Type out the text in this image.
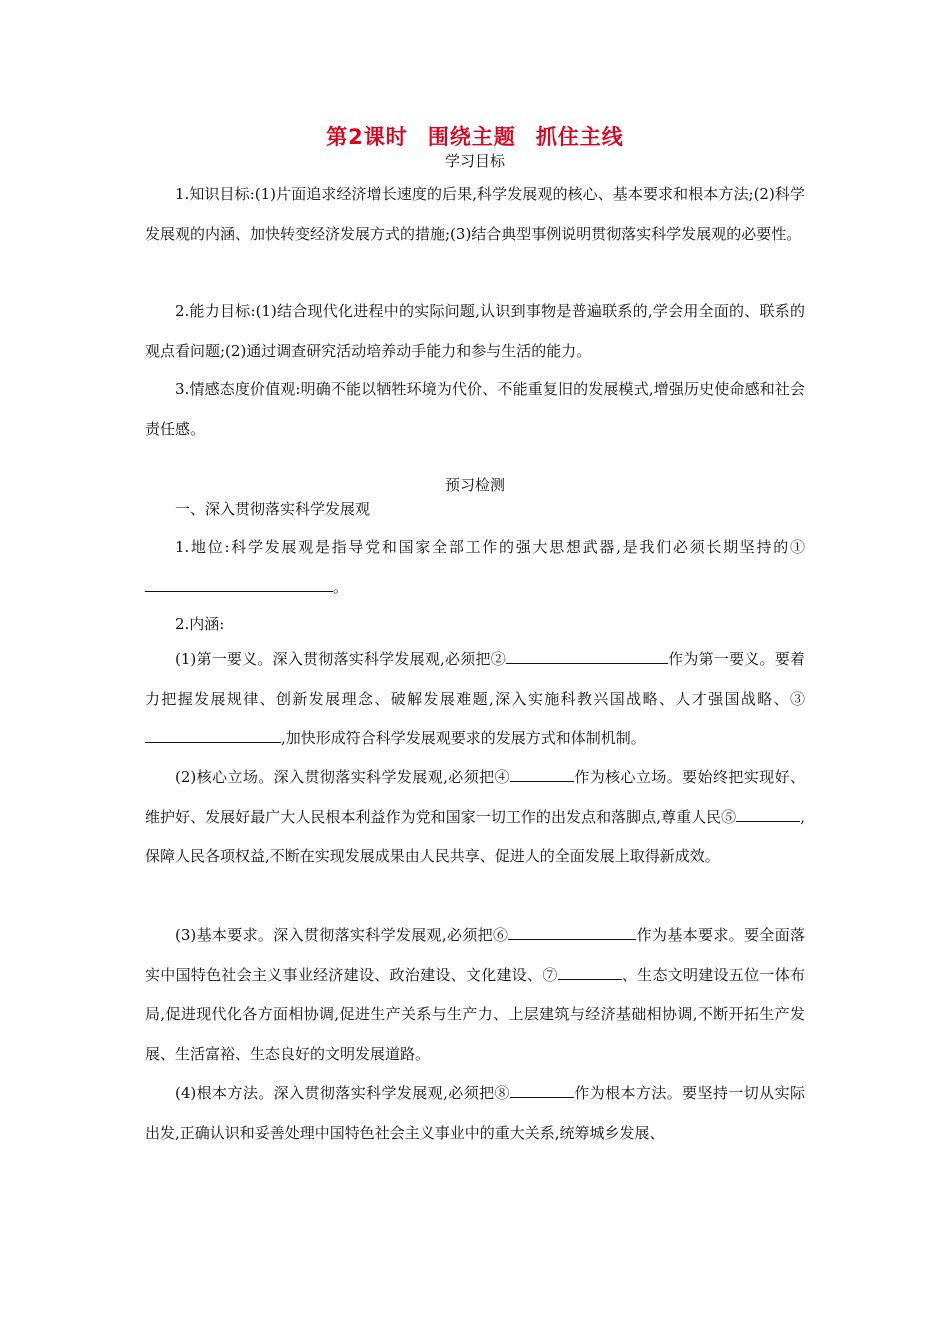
第2课时 围绕主题 抓住主线
学习目标
1.知识目标:(1)片面追求经济增长速度的后果,科学发展观的核心、基本要求和根本方法;(2)科学发展观的内涵、加快转变经济发展方式的措施;(3)结合典型事例说明贯彻落实科学发展观的必要性。
2.能力目标:(1)结合现代化进程中的实际问题,认识到事物是普遍联系的,学会用全面的、联系的观点看问题;(2)通过调查研究活动培养动手能力和参与生活的能力。
3.情感态度价值观:明确不能以牺牲环境为代价、不能重复旧的发展模式,增强历史使命感和社会责任感。
预习检测
一、深入贯彻落实科学发展观
1.地位:科学发展观是指导党和国家全部工作的强大思想武器,是我们必须长期坚持的①。
2.内涵:
(1)第一要义。深入贯彻落实科学发展观,必须把②	作为第一要义。要着力把握发展规律、创新发展理念、破解发展难题,深入实施科教兴国战略、人才强国战略、③,加快形成符合科学发展观要求的发展方式和体制机制。
(2)核心立场。深入贯彻落实科学发展观,必须把④	作为核心立场。要始终把实现好、维护好、发展好最广大人民根本利益作为党和国家一切工作的出发点和落脚点,尊重人民⑤	,保障人民各项权益,不断在实现发展成果由人民共享、促进人的全面发展上取得新成效。
(3)基本要求。深入贯彻落实科学发展观,必须把⑥	作为基本要求。要全面落实中国特色社会主义事业经济建设、政治建设、文化建设、⑦	、生态文明建设五位一体布局,促进现代化各方面相协调,促进生产关系与生产力、上层建筑与经济基础相协调,不断开拓生产发展、生活富裕、生态良好的文明发展道路。
(4)根本方法。深入贯彻落实科学发展观,必须把⑧	作为根本方法。要坚持一切从实际出发,正确认识和妥善处理中国特色社会主义事业中的重大关系,统筹城乡发展、
